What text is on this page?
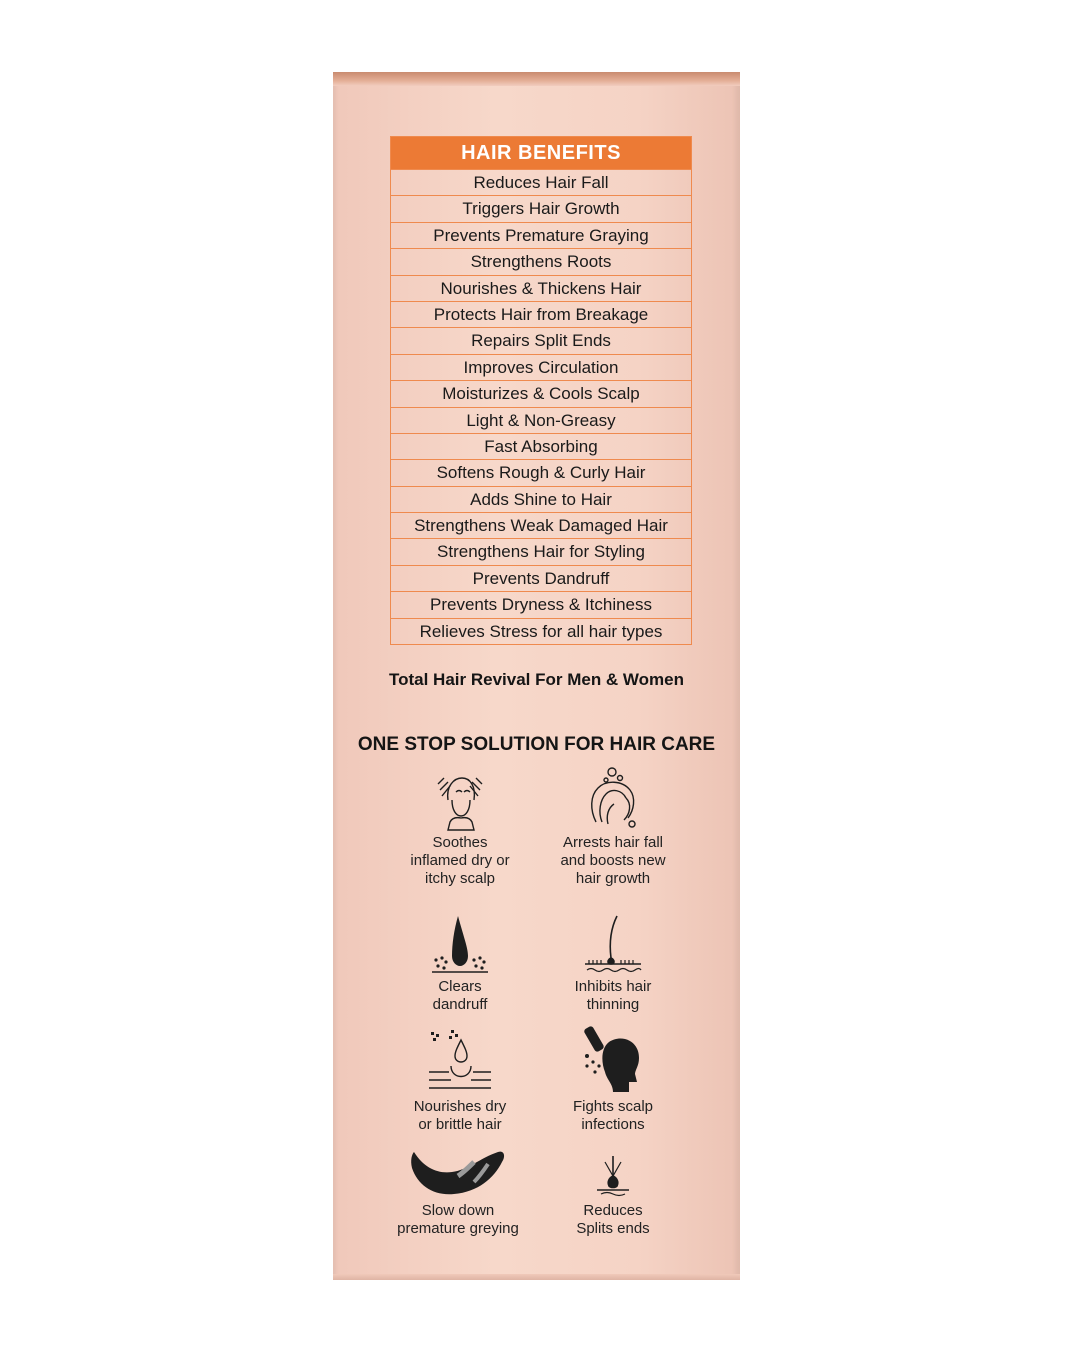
HAIR BENEFITS
Reduces Hair Fall
Triggers Hair Growth
Prevents Premature Graying
Strengthens Roots
Nourishes & Thickens Hair
Protects Hair from Breakage
Repairs Split Ends
Improves Circulation
Moisturizes & Cools Scalp
Light & Non-Greasy
Fast Absorbing
Softens Rough & Curly Hair
Adds Shine to Hair
Strengthens Weak Damaged Hair
Strengthens Hair for Styling
Prevents Dandruff
Prevents Dryness & Itchiness
Relieves Stress for all hair types
Total Hair Revival For Men & Women
ONE STOP SOLUTION FOR HAIR CARE
Soothes
inflamed dry or
itchy scalp
Arrests hair fall
and boosts new
hair growth
Clears
dandruff
Inhibits hair
thinning
Nourishes dry
or brittle hair
Fights scalp
infections
Slow down
premature greying
Reduces
Splits ends
